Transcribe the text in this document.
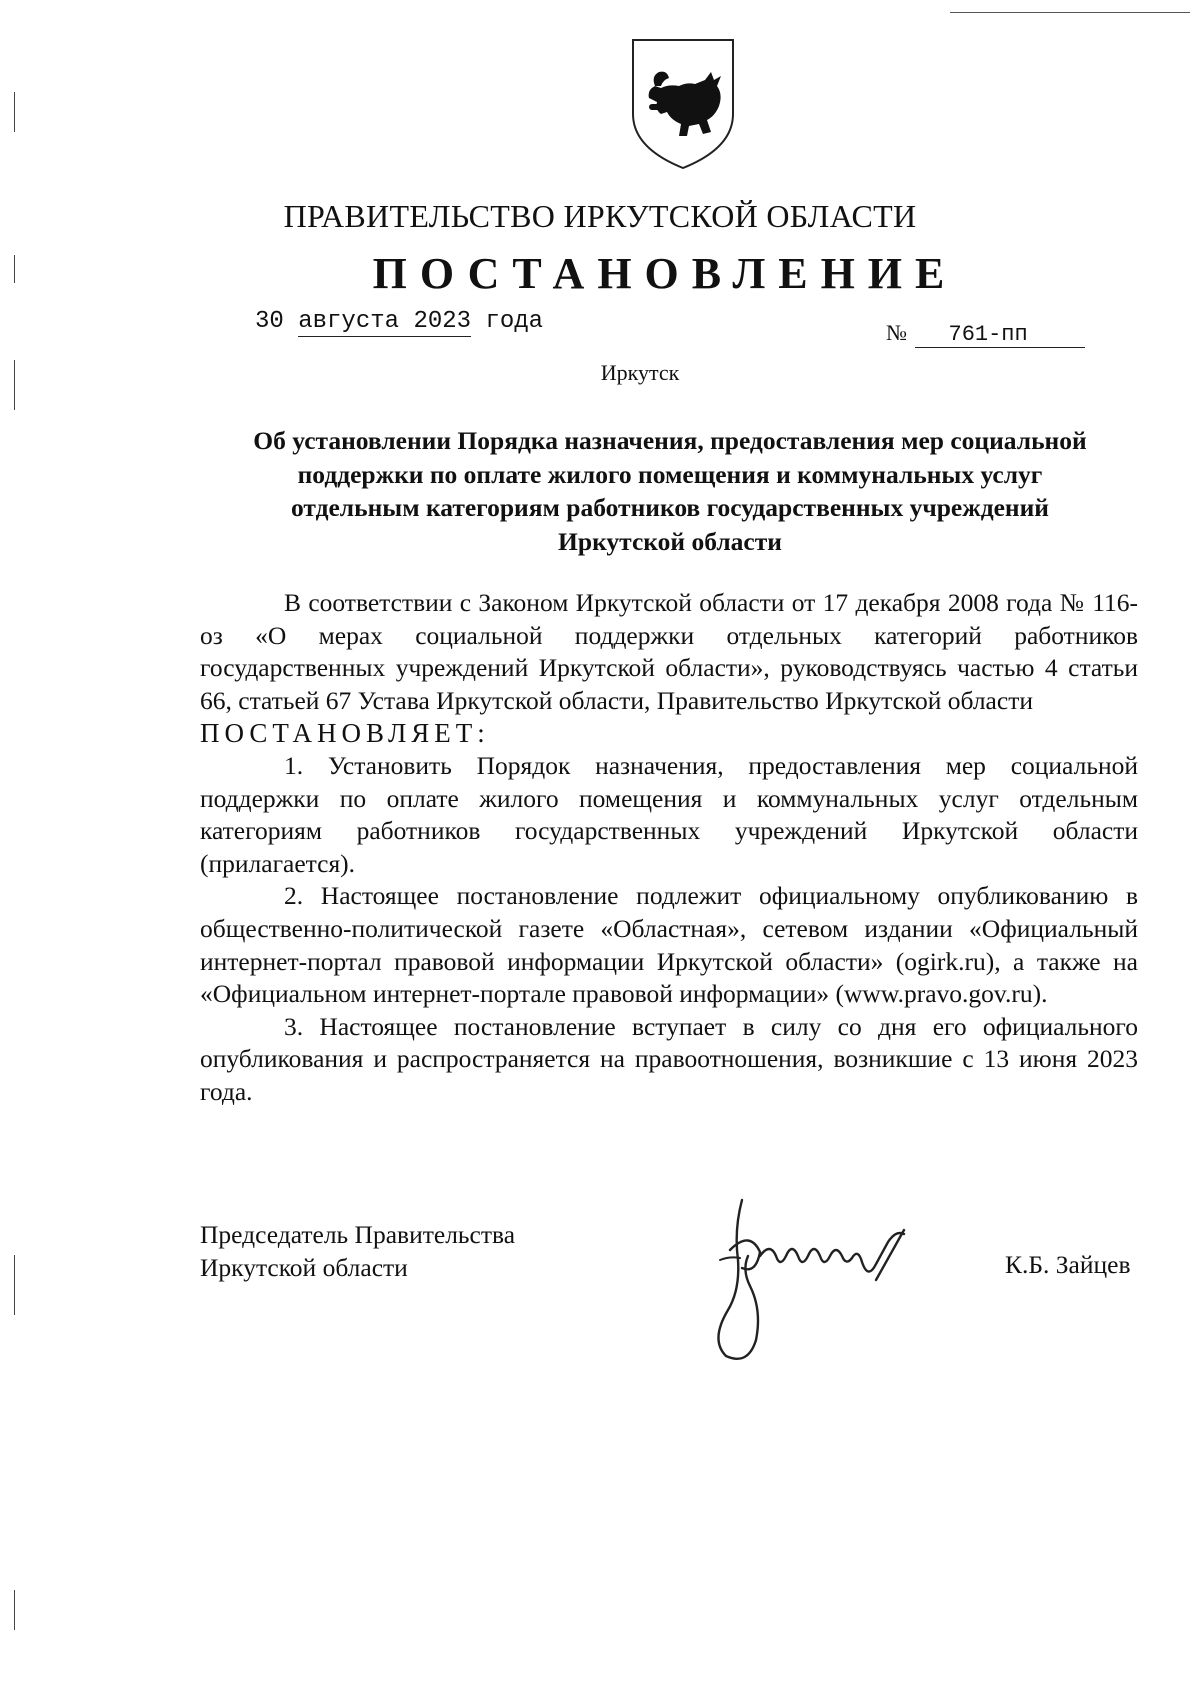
ПРАВИТЕЛЬСТВО ИРКУТСКОЙ ОБЛАСТИ
ПОСТАНОВЛЕНИЕ
30 августа 2023 года	№ 761-пп
Иркутск
Об установлении Порядка назначения, предоставления мер социальной
поддержки по оплате жилого помещения и коммунальных услуг
отдельным категориям работников государственных учреждений
Иркутской области

В соответствии с Законом Иркутской области от 17 декабря 2008 года № 116-оз «О мерах социальной поддержки отдельных категорий работников государственных учреждений Иркутской области», руководствуясь частью 4 статьи 66, статьей 67 Устава Иркутской области, Правительство Иркутской области

ПОСТАНОВЛЯЕТ:

1. Установить Порядок назначения, предоставления мер социальной поддержки по оплате жилого помещения и коммунальных услуг отдельным категориям работников государственных учреждений Иркутской области (прилагается).

2. Настоящее постановление подлежит официальному опубликованию в общественно-политической газете «Областная», сетевом издании «Официальный интернет-портал правовой информации Иркутской области» (ogirk.ru), а также на «Официальном интернет-портале правовой информации» (www.pravo.gov.ru).

3. Настоящее постановление вступает в силу со дня его официального опубликования и распространяется на правоотношения, возникшие с 13 июня 2023 года.

Председатель Правительства
Иркутской области	К.Б. Зайцев
